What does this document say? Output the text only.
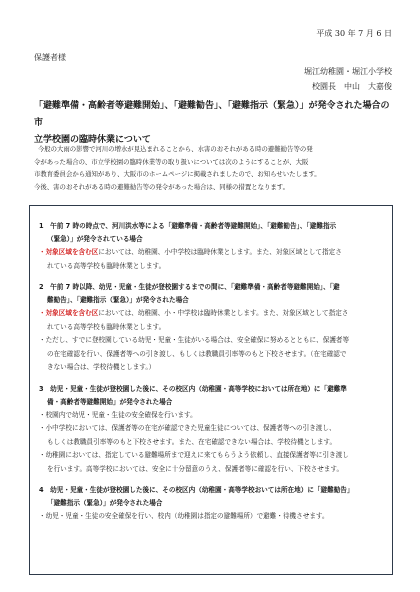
平成 30 年 7 月 6 日
保護者様
堀江幼稚園・堀江小学校
校園長　中山　大嘉俊
「避難準備・高齢者等避難開始」、「避難勧告」、「避難指示（緊急）」が発令された場合の市
立学校園の臨時休業について

今般の大雨の影響で河川の増水が見込まれることから、水害のおそれがある時の避難勧告等の発

令があった場合の、市立学校園の臨時休業等の取り扱いについては次のようにすることが、大阪

市教育委員会から通知があり、大阪市のホームページに掲載されましたので、お知らせいたします。

今後、害のおそれがある時の避難勧告等の発令があった場合は、同様の措置となります。

1　午前 7 時の時点で、河川洪水等による「避難準備・高齢者等避難開始」、「避難勧告」、「避難指示
（緊急）」が発令されている場合
・対象区域を含む区においては、幼稚園、小中学校は臨時休業とします。また、対象区域として指定さ
れている高等学校も臨時休業とします。
2　午前 7 時以降、幼児・児童・生徒が登校園するまでの間に、「避難準備・高齢者等避難開始」、「避
難勧告」、「避難指示（緊急）」が発令された場合
・対象区域を含む区においては、幼稚園、小・中学校は臨時休業とします。また、対象区域として指定さ
れている高等学校も臨時休業とします。
・ただし、すでに登校園している幼児・児童・生徒がいる場合は、安全確保に努めるとともに、保護者等
の在宅確認を行い、保護者等への引き渡し、もしくは教職員引率等のもと下校させます。（在宅確認で
きない場合は、学校待機とします。）
3　幼児・児童・生徒が登校園した後に、その校区内（幼稚園・高等学校においては所在地）に「避難準
備・高齢者等避難開始」が発令された場合
・校園内で幼児・児童・生徒の安全確保を行います。
・小中学校においては、保護者等の在宅が確認できた児童生徒については、保護者等への引き渡し、
もしくは教職員引率等のもと下校させます。また、在宅確認できない場合は、学校待機とします。
・幼稚園においては、指定している避難場所まで迎えに来てもらうよう依頼し、直接保護者等に引き渡し
を行います。高等学校においては、安全に十分留意のうえ、保護者等に確認を行い、下校させます。
4　幼児・児童・生徒が登校園した後に、その校区内（幼稚園・高等学校おいては所在地）に「避難勧告」
「避難指示（緊急）」が発令された場合
・幼児・児童・生徒の安全確保を行い、校内（幼稚園は指定の避難場所）で避難・待機させます。
